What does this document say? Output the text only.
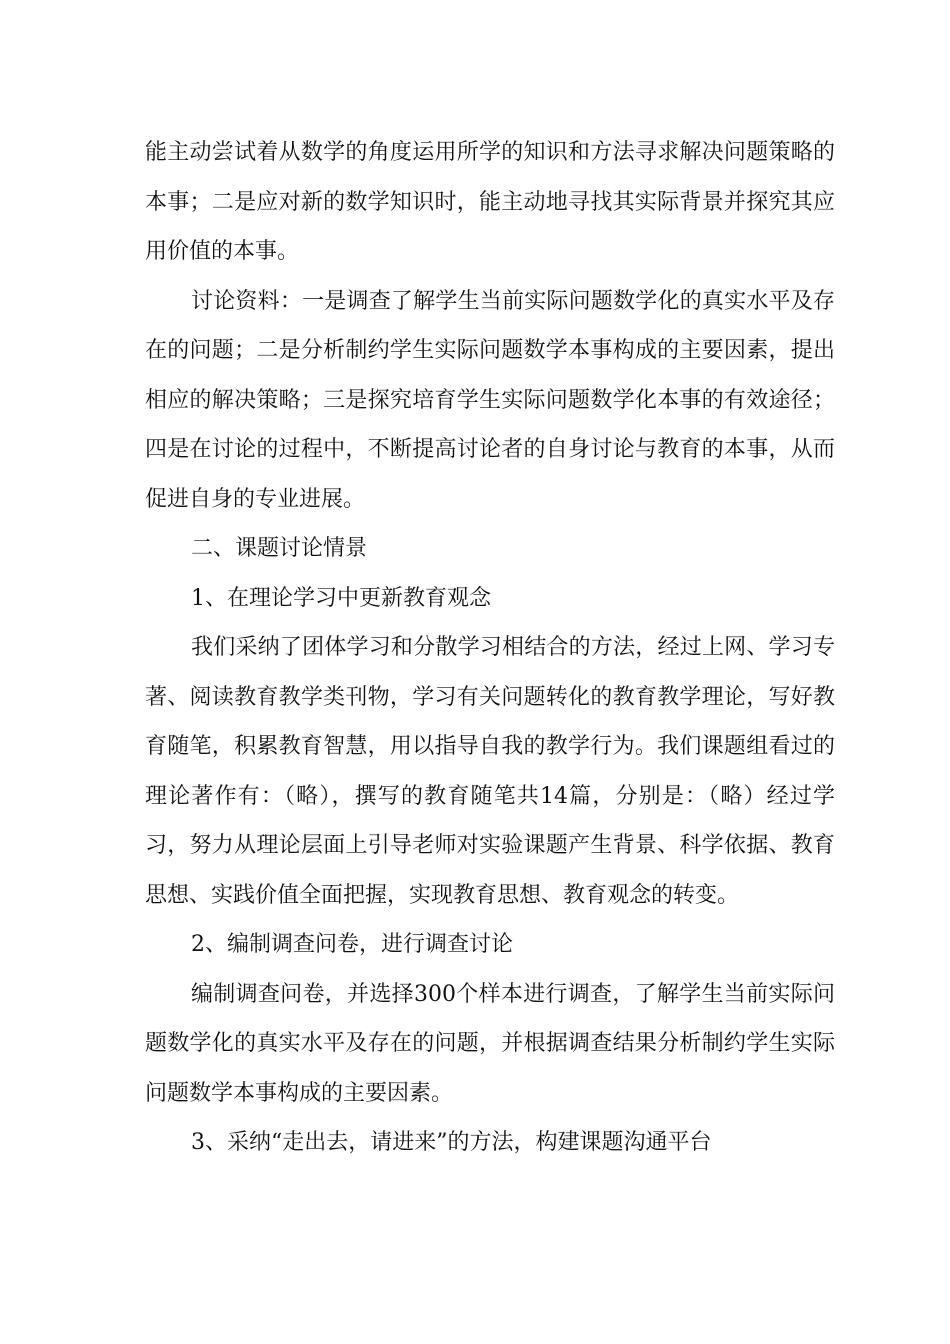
能主动尝试着从数学的角度运用所学的知识和方法寻求解决问题策略的本事；二是应对新的数学知识时，能主动地寻找其实际背景并探究其应用价值的本事。

讨论资料：一是调查了解学生当前实际问题数学化的真实水平及存在的问题；二是分析制约学生实际问题数学本事构成的主要因素，提出相应的解决策略；三是探究培育学生实际问题数学化本事的有效途径；四是在讨论的过程中，不断提高讨论者的自身讨论与教育的本事，从而促进自身的专业进展。

二、课题讨论情景

1、在理论学习中更新教育观念

我们采纳了团体学习和分散学习相结合的方法，经过上网、学习专著、阅读教育教学类刊物，学习有关问题转化的教育教学理论，写好教育随笔，积累教育智慧，用以指导自我的教学行为。我们课题组看过的理论著作有：（略），撰写的教育随笔共14篇，分别是：（略）经过学习，努力从理论层面上引导老师对实验课题产生背景、科学依据、教育思想、实践价值全面把握，实现教育思想、教育观念的转变。

2、编制调查问卷，进行调查讨论

编制调查问卷，并选择300个样本进行调查，了解学生当前实际问题数学化的真实水平及存在的问题，并根据调查结果分析制约学生实际问题数学本事构成的主要因素。

3、采纳“走出去，请进来”的方法，构建课题沟通平台
